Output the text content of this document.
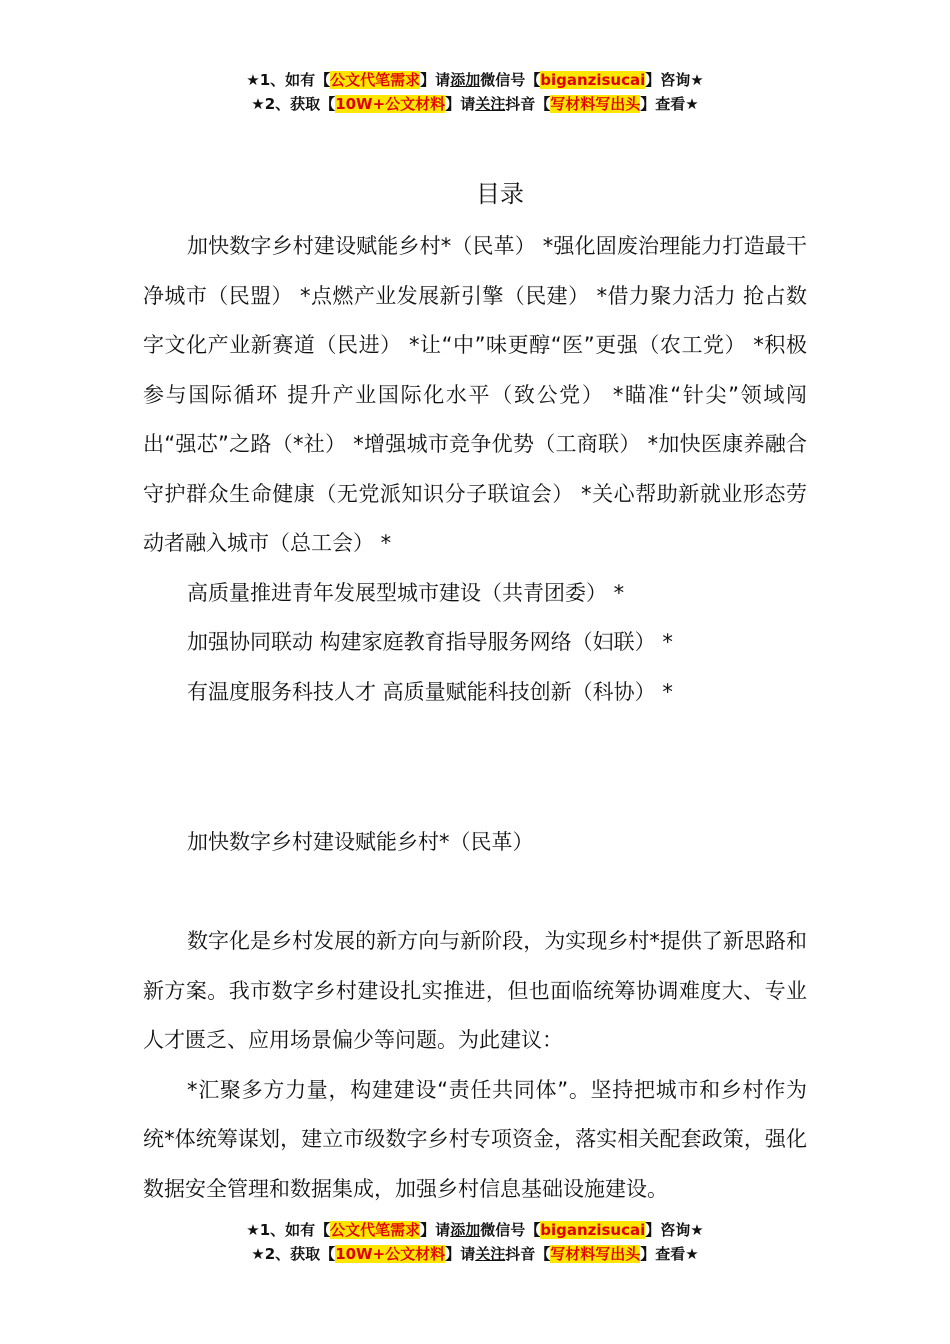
★1、如有【公文代笔需求】请添加微信号【biganzisucai】咨询★
★2、获取【10W+公文材料】请关注抖音【写材料写出头】查看★
目录

加快数字乡村建设赋能乡村*（民革） *强化固废治理能力打造最干净城市（民盟） *点燃产业发展新引擎（民建） *借力聚力活力 抢占数字文化产业新赛道（民进） *让“中”味更醇“医”更强（农工党） *积极参与国际循环 提升产业国际化水平（致公党） *瞄准“针尖”领域闯出“强芯”之路（*社） *增强城市竞争优势（工商联） *加快医康养融合 守护群众生命健康（无党派知识分子联谊会） *关心帮助新就业形态劳动者融入城市（总工会） *

高质量推进青年发展型城市建设（共青团委） *

加强协同联动 构建家庭教育指导服务网络（妇联） *

有温度服务科技人才 高质量赋能科技创新（科协） *

加快数字乡村建设赋能乡村*（民革）

数字化是乡村发展的新方向与新阶段，为实现乡村*提供了新思路和新方案。我市数字乡村建设扎实推进，但也面临统筹协调难度大、专业人才匮乏、应用场景偏少等问题。为此建议：

*汇聚多方力量，构建建设“责任共同体”。坚持把城市和乡村作为统*体统筹谋划，建立市级数字乡村专项资金，落实相关配套政策，强化数据安全管理和数据集成，加强乡村信息基础设施建设。

★1、如有【公文代笔需求】请添加微信号【biganzisucai】咨询★
★2、获取【10W+公文材料】请关注抖音【写材料写出头】查看★
